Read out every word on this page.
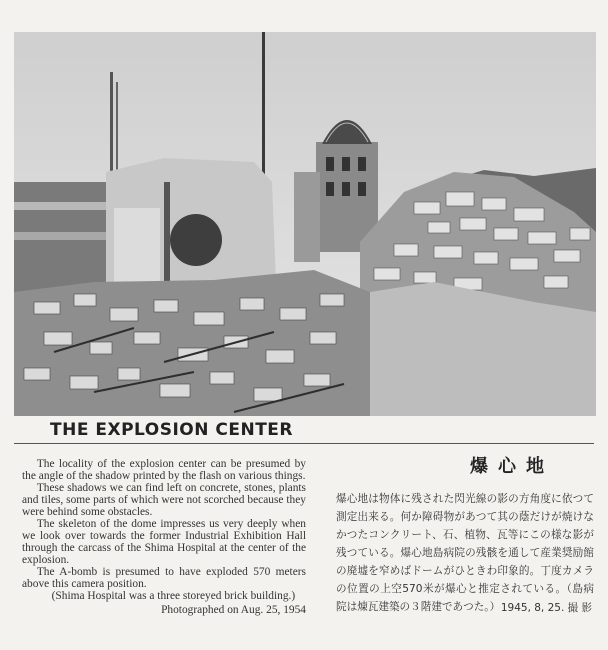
THE EXPLOSION CENTER

The locality of the explosion center can be presumed by the angle of the shadow printed by the flash on various things.

These shadows we can find left on concrete, stones, plants and tiles, some parts of which were not scorched because they were behind some obstacles.

The skeleton of the dome impresses us very deeply when we look over towards the former Industrial Exhibition Hall through the carcass of the Shima Hospital at the center of the explosion.

The A-bomb is presumed to have exploded 570 meters above this camera position.

(Shima Hospital was a three storeyed brick building.)

Photographed on Aug. 25, 1954

爆心地

爆心地は物体に残された閃光線の影の方角度に依つて測定出来る。何か障碍物があつて其の蔭だけが焼けなかつたコンクリート、石、植物、瓦等にこの様な影が残つている。爆心地島病院の残骸を通して産業奨励館の廃墟を窄めばドームがひときわ印象的。丁度カメラの位置の上空570米が爆心と推定されている。（島病院は煉瓦建築の３階建であつた。） 1945, 8, 25. 撮 影
